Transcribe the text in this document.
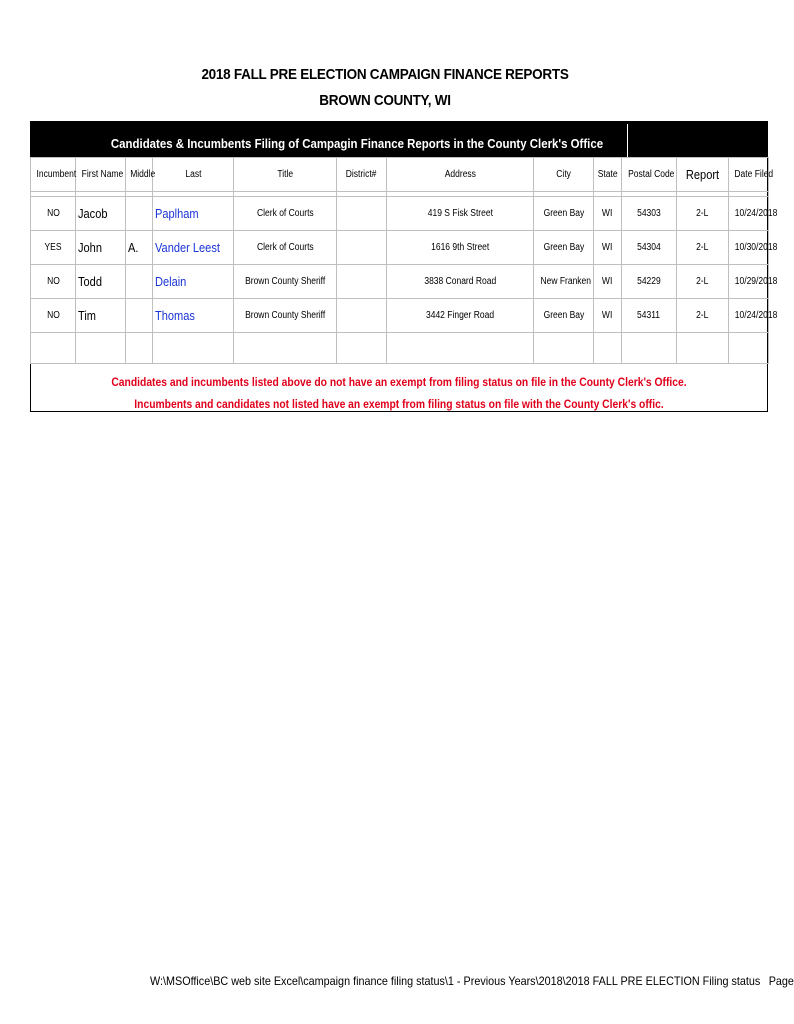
2018 FALL PRE ELECTION CAMPAIGN FINANCE REPORTS
BROWN COUNTY, WI
Candidates & Incumbents Filing of Campagin Finance Reports in the County Clerk's Office
Incumbent	First Name	Middle	Last	Title	District#	Address	City	State	Postal Code	Report	Date Filed

NO	Jacob		Paplham	Clerk of Courts		419 S Fisk Street	Green Bay	WI	54303	2-L	10/24/2018
YES	John	A.	Vander Leest	Clerk of Courts		1616 9th Street	Green Bay	WI	54304	2-L	10/30/2018
NO	Todd		Delain	Brown County Sheriff		3838 Conard Road	New Franken	WI	54229	2-L	10/29/2018
NO	Tim		Thomas	Brown County Sheriff		3442 Finger Road	Green Bay	WI	54311	2-L	10/24/2018

Candidates and incumbents listed above do not have an exempt from filing status on file in the County Clerk's Office.
Incumbents and candidates not listed have an exempt from filing status on file with the County Clerk's offic.
W:\MSOffice\BC web site Excel\campaign finance filing status\1 - Previous Years\2018\2018 FALL PRE ELECTION Filing status Page
